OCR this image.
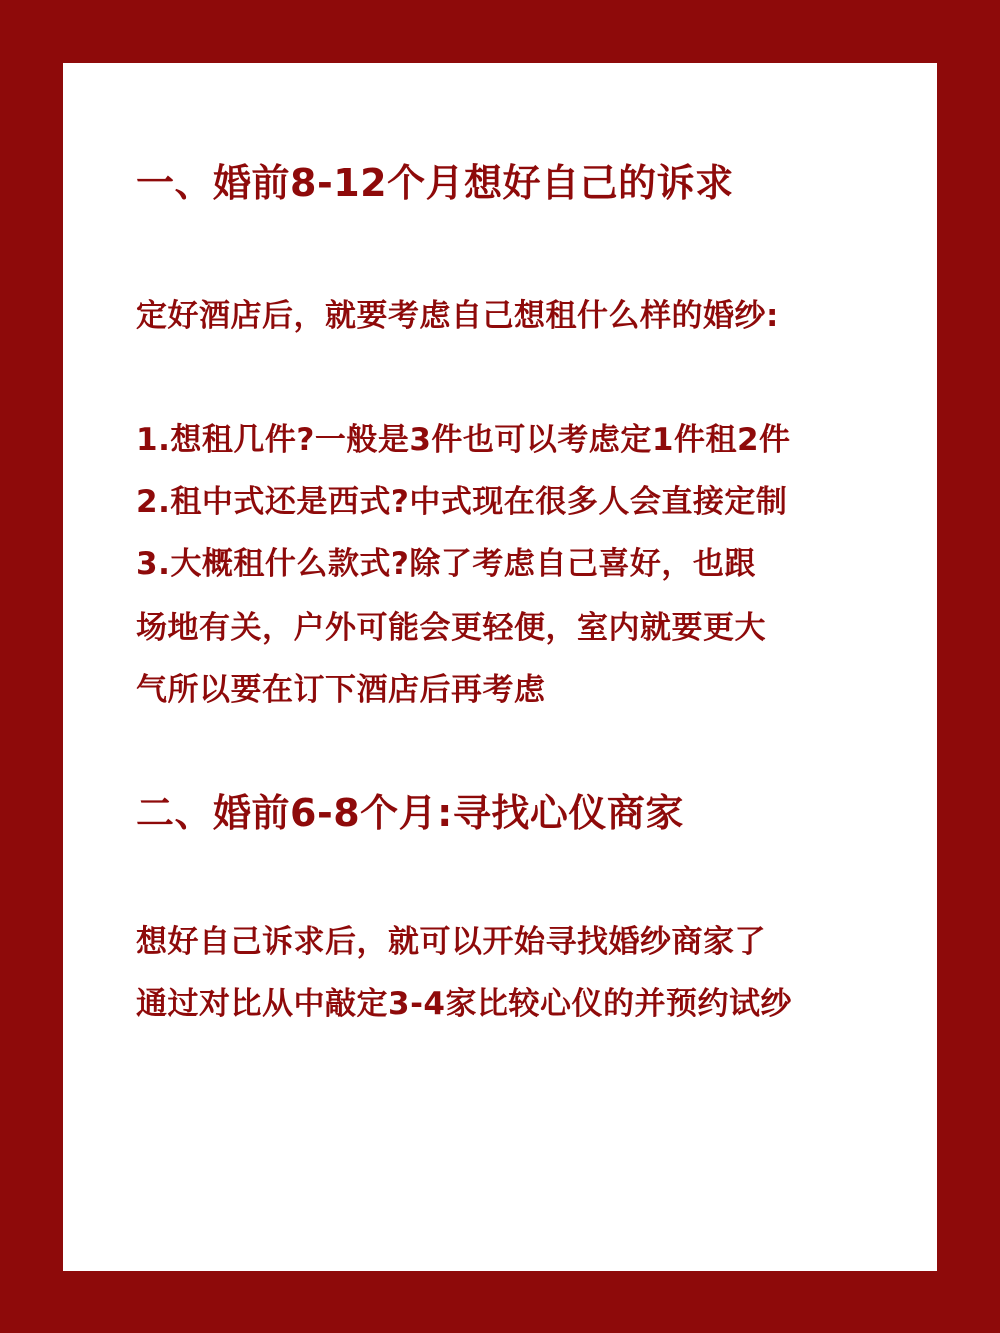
一、婚前8-12个月想好自己的诉求
定好酒店后，就要考虑自己想租什么样的婚纱:
1.想租几件?一般是3件也可以考虑定1件租2件
2.租中式还是西式?中式现在很多人会直接定制
3.大概租什么款式?除了考虑自己喜好，也跟
场地有关，户外可能会更轻便，室内就要更大
气所以要在订下酒店后再考虑
二、婚前6-8个月:寻找心仪商家
想好自己诉求后，就可以开始寻找婚纱商家了
通过对比从中敲定3-4家比较心仪的并预约试纱
